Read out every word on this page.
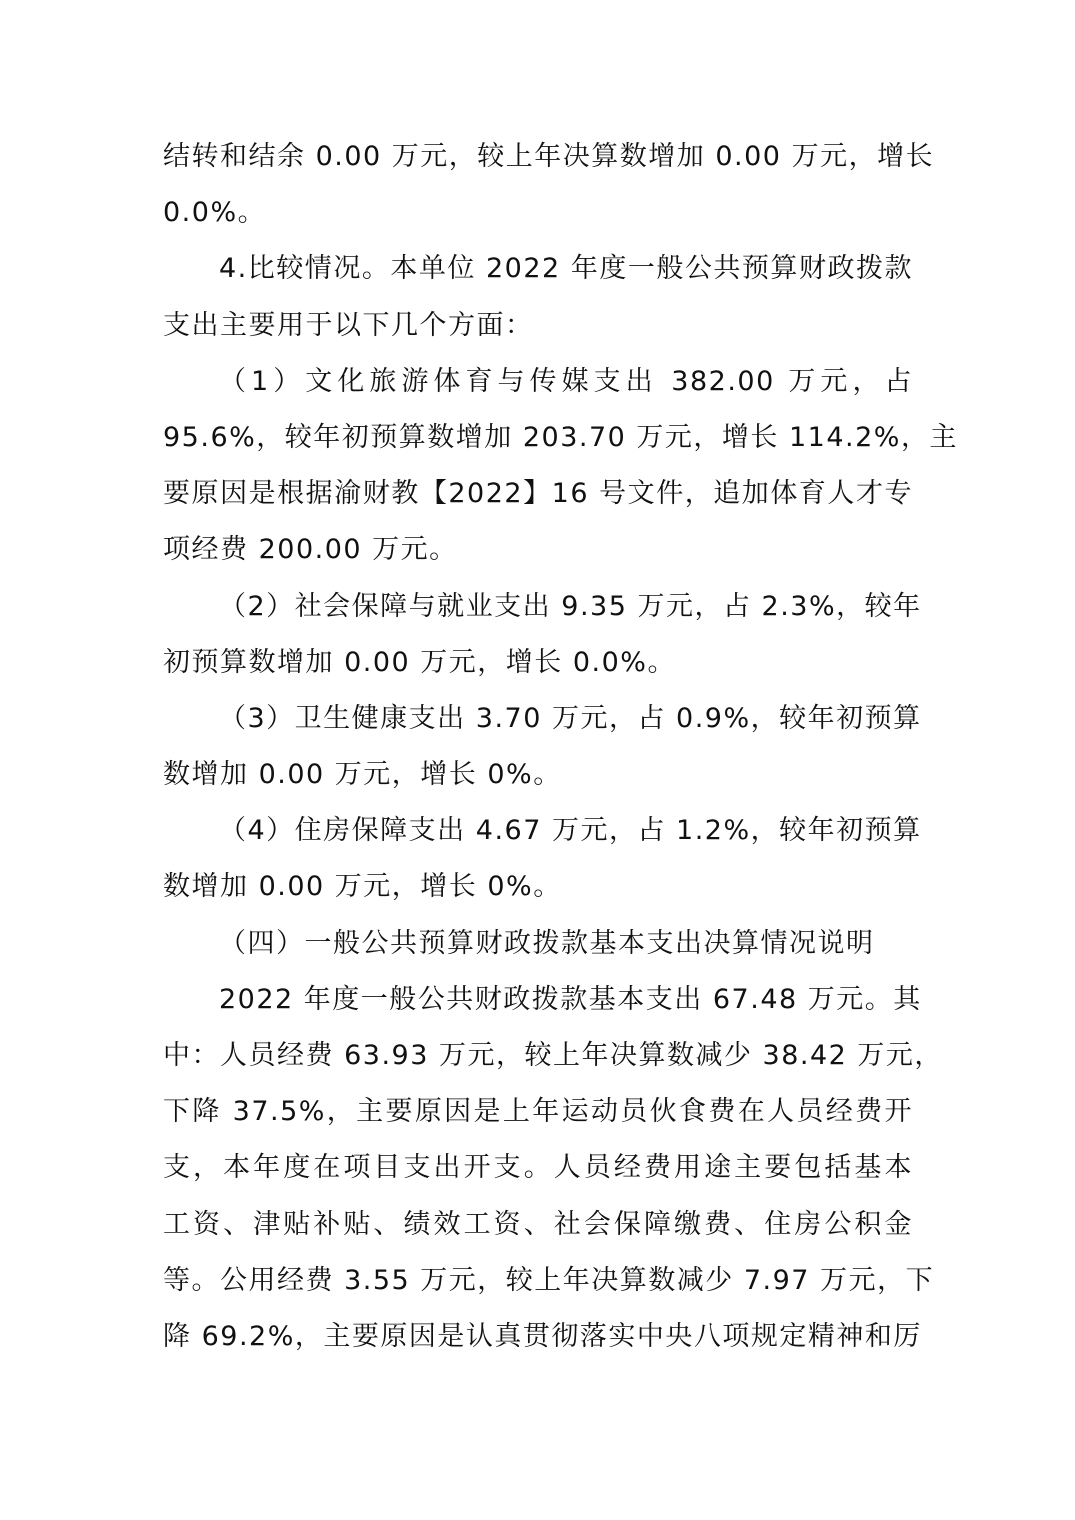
结转和结余 0.00 万元，较上年决算数增加 0.00 万元，增长
0.0%。
4.比较情况。本单位 2022 年度一般公共预算财政拨款
支出主要用于以下几个方面：
（1）文化旅游体育与传媒支出 382.00 万元，占
95.6%，较年初预算数增加 203.70 万元，增长 114.2%，主
要原因是根据渝财教【2022】16 号文件，追加体育人才专
项经费 200.00 万元。
（2）社会保障与就业支出 9.35 万元，占 2.3%，较年
初预算数增加 0.00 万元，增长 0.0%。
（3）卫生健康支出 3.70 万元，占 0.9%，较年初预算
数增加 0.00 万元，增长 0%。
（4）住房保障支出 4.67 万元，占 1.2%，较年初预算
数增加 0.00 万元，增长 0%。
（四）一般公共预算财政拨款基本支出决算情况说明
2022 年度一般公共财政拨款基本支出 67.48 万元。其
中：人员经费 63.93 万元，较上年决算数减少 38.42 万元，
下降 37.5%，主要原因是上年运动员伙食费在人员经费开
支，本年度在项目支出开支。人员经费用途主要包括基本
工资、津贴补贴、绩效工资、社会保障缴费、住房公积金
等。公用经费 3.55 万元，较上年决算数减少 7.97 万元，下
降 69.2%，主要原因是认真贯彻落实中央八项规定精神和厉
